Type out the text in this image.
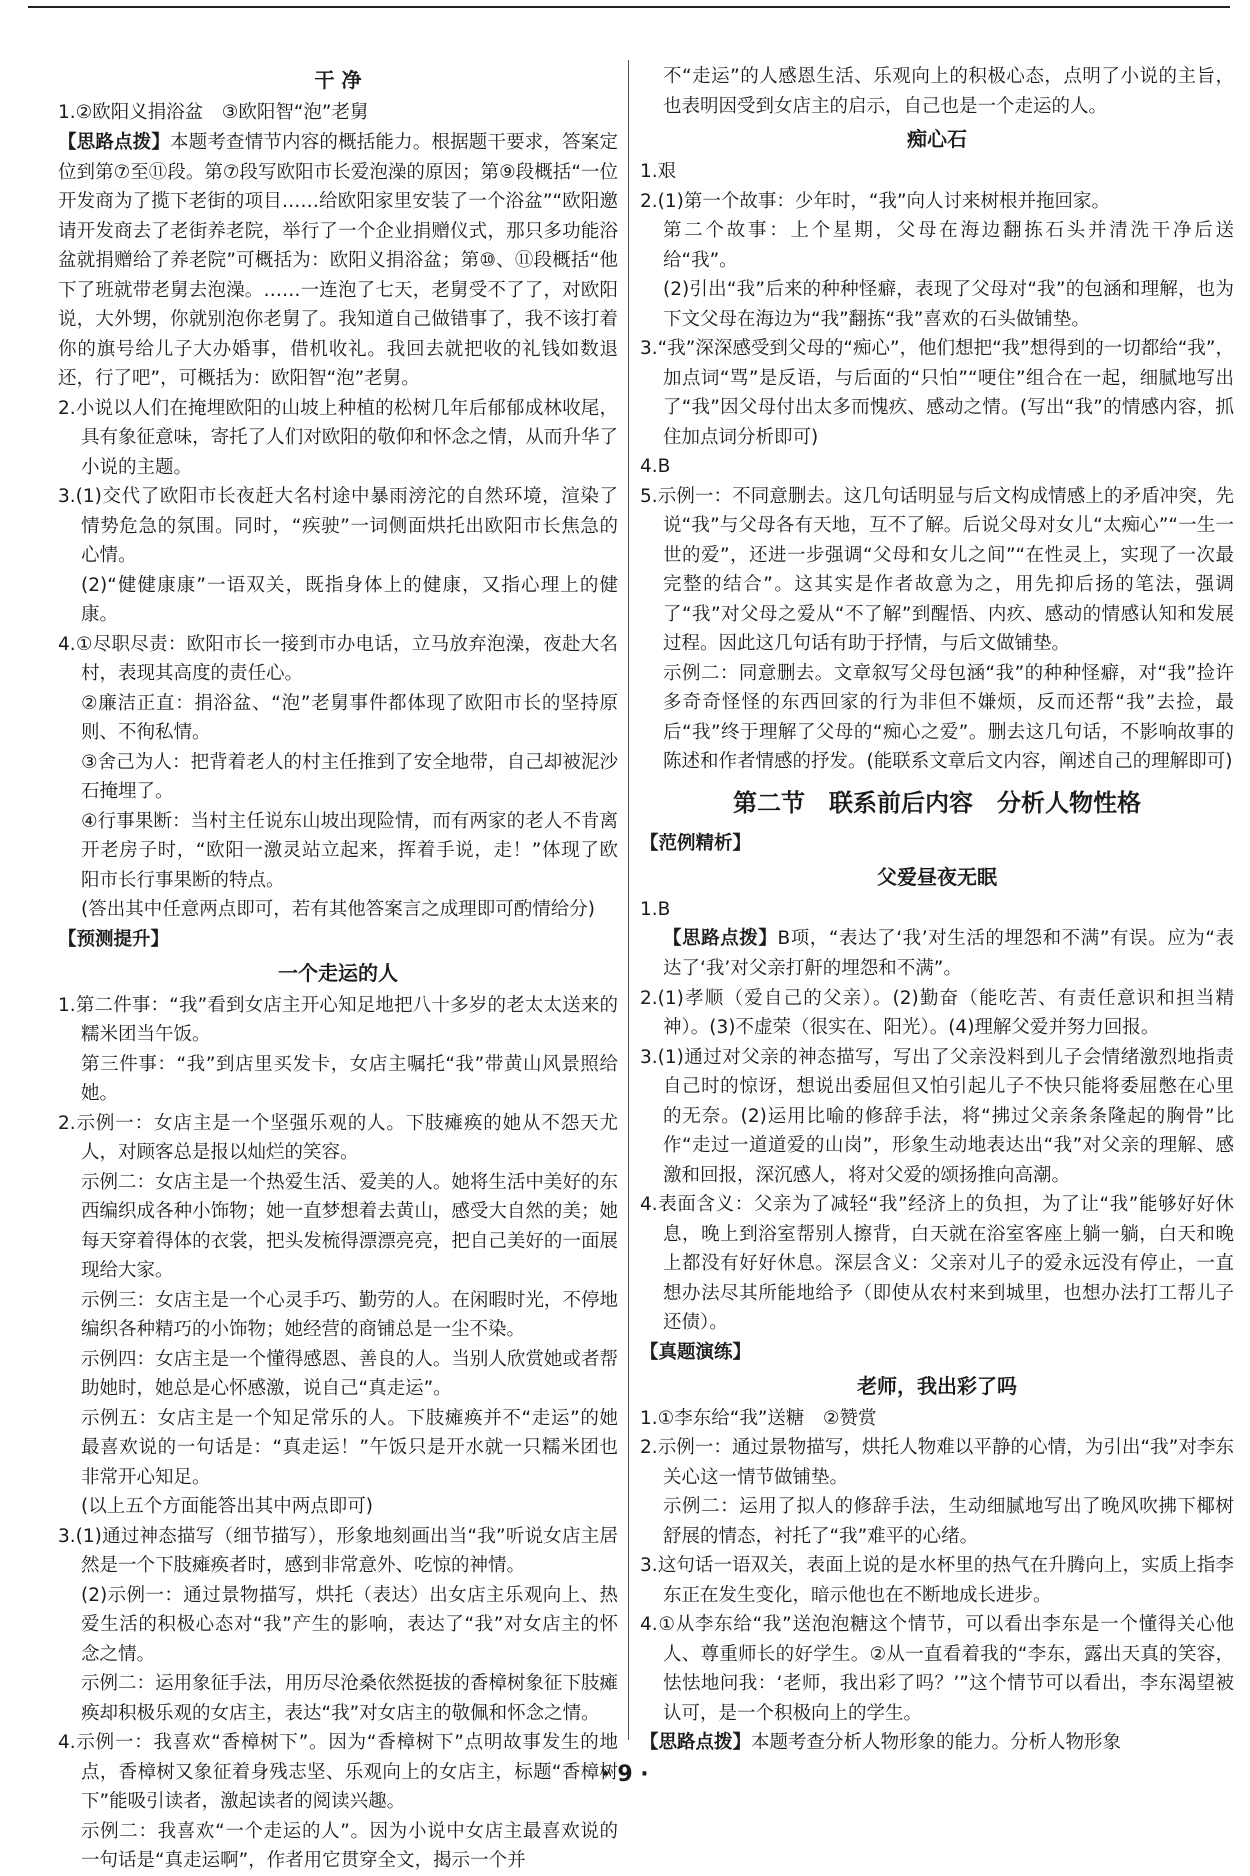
干 净

1.②欧阳义捐浴盆　③欧阳智“泡”老舅

【思路点拨】本题考查情节内容的概括能力。根据题干要求，答案定位到第⑦至⑪段。第⑦段写欧阳市长爱泡澡的原因；第⑨段概括“一位开发商为了揽下老街的项目……给欧阳家里安装了一个浴盆”“欧阳邀请开发商去了老街养老院，举行了一个企业捐赠仪式，那只多功能浴盆就捐赠给了养老院”可概括为：欧阳义捐浴盆；第⑩、⑪段概括“他下了班就带老舅去泡澡。……一连泡了七天，老舅受不了了，对欧阳说，大外甥，你就别泡你老舅了。我知道自己做错事了，我不该打着你的旗号给儿子大办婚事，借机收礼。我回去就把收的礼钱如数退还，行了吧”，可概括为：欧阳智“泡”老舅。

2.小说以人们在掩埋欧阳的山坡上种植的松树几年后郁郁成林收尾，具有象征意味，寄托了人们对欧阳的敬仰和怀念之情，从而升华了小说的主题。

3.(1)交代了欧阳市长夜赶大名村途中暴雨滂沱的自然环境，渲染了情势危急的氛围。同时，“疾驶”一词侧面烘托出欧阳市长焦急的心情。

(2)“健健康康”一语双关，既指身体上的健康，又指心理上的健康。

4.①尽职尽责：欧阳市长一接到市办电话，立马放弃泡澡，夜赴大名村，表现其高度的责任心。

②廉洁正直：捐浴盆、“泡”老舅事件都体现了欧阳市长的坚持原则、不徇私情。

③舍己为人：把背着老人的村主任推到了安全地带，自己却被泥沙石掩埋了。

④行事果断：当村主任说东山坡出现险情，而有两家的老人不肯离开老房子时，“欧阳一激灵站立起来，挥着手说，走！”体现了欧阳市长行事果断的特点。

(答出其中任意两点即可，若有其他答案言之成理即可酌情给分)

【预测提升】
一个走运的人

1.第二件事：“我”看到女店主开心知足地把八十多岁的老太太送来的糯米团当午饭。

第三件事：“我”到店里买发卡，女店主嘱托“我”带黄山风景照给她。

2.示例一：女店主是一个坚强乐观的人。下肢瘫痪的她从不怨天尤人，对顾客总是报以灿烂的笑容。

示例二：女店主是一个热爱生活、爱美的人。她将生活中美好的东西编织成各种小饰物；她一直梦想着去黄山，感受大自然的美；她每天穿着得体的衣裳，把头发梳得漂漂亮亮，把自己美好的一面展现给大家。

示例三：女店主是一个心灵手巧、勤劳的人。在闲暇时光，不停地编织各种精巧的小饰物；她经营的商铺总是一尘不染。

示例四：女店主是一个懂得感恩、善良的人。当别人欣赏她或者帮助她时，她总是心怀感激，说自己“真走运”。

示例五：女店主是一个知足常乐的人。下肢瘫痪并不“走运”的她最喜欢说的一句话是：“真走运！”午饭只是开水就一只糯米团也非常开心知足。

(以上五个方面能答出其中两点即可)

3.(1)通过神态描写（细节描写），形象地刻画出当“我”听说女店主居然是一个下肢瘫痪者时，感到非常意外、吃惊的神情。

(2)示例一：通过景物描写，烘托（表达）出女店主乐观向上、热爱生活的积极心态对“我”产生的影响，表达了“我”对女店主的怀念之情。

示例二：运用象征手法，用历尽沧桑依然挺拔的香樟树象征下肢瘫痪却积极乐观的女店主，表达“我”对女店主的敬佩和怀念之情。

4.示例一：我喜欢“香樟树下”。因为“香樟树下”点明故事发生的地点，香樟树又象征着身残志坚、乐观向上的女店主，标题“香樟树下”能吸引读者，激起读者的阅读兴趣。

示例二：我喜欢“一个走运的人”。因为小说中女店主最喜欢说的一句话是“真走运啊”，作者用它贯穿全文，揭示一个并

不“走运”的人感恩生活、乐观向上的积极心态，点明了小说的主旨，也表明因受到女店主的启示，自己也是一个走运的人。

痴心石

1.艰

2.(1)第一个故事：少年时，“我”向人讨来树根并拖回家。

第二个故事：上个星期，父母在海边翻拣石头并清洗干净后送给“我”。

(2)引出“我”后来的种种怪癖，表现了父母对“我”的包涵和理解，也为下文父母在海边为“我”翻拣“我”喜欢的石头做铺垫。

3.“我”深深感受到父母的“痴心”，他们想把“我”想得到的一切都给“我”，加点词“骂”是反语，与后面的“只怕”“哽住”组合在一起，细腻地写出了“我”因父母付出太多而愧疚、感动之情。(写出“我”的情感内容，抓住加点词分析即可)

4.B

5.示例一：不同意删去。这几句话明显与后文构成情感上的矛盾冲突，先说“我”与父母各有天地，互不了解。后说父母对女儿“太痴心”“一生一世的爱”，还进一步强调“父母和女儿之间”“在性灵上，实现了一次最完整的结合”。这其实是作者故意为之，用先抑后扬的笔法，强调了“我”对父母之爱从“不了解”到醒悟、内疚、感动的情感认知和发展过程。因此这几句话有助于抒情，与后文做铺垫。

示例二：同意删去。文章叙写父母包涵“我”的种种怪癖，对“我”捡许多奇奇怪怪的东西回家的行为非但不嫌烦，反而还帮“我”去捡，最后“我”终于理解了父母的“痴心之爱”。删去这几句话，不影响故事的陈述和作者情感的抒发。(能联系文章后文内容，阐述自己的理解即可)

第二节　联系前后内容　分析人物性格
【范例精析】
父爱昼夜无眠

1.B

【思路点拨】B项，“表达了‘我’对生活的埋怨和不满”有误。应为“表达了‘我’对父亲打鼾的埋怨和不满”。

2.(1)孝顺（爱自己的父亲）。(2)勤奋（能吃苦、有责任意识和担当精神）。(3)不虚荣（很实在、阳光）。(4)理解父爱并努力回报。

3.(1)通过对父亲的神态描写，写出了父亲没料到儿子会情绪激烈地指责自己时的惊讶，想说出委屈但又怕引起儿子不快只能将委屈憋在心里的无奈。(2)运用比喻的修辞手法，将“拂过父亲条条隆起的胸骨”比作“走过一道道爱的山岗”，形象生动地表达出“我”对父亲的理解、感激和回报，深沉感人，将对父爱的颂扬推向高潮。

4.表面含义：父亲为了减轻“我”经济上的负担，为了让“我”能够好好休息，晚上到浴室帮别人擦背，白天就在浴室客座上躺一躺，白天和晚上都没有好好休息。深层含义：父亲对儿子的爱永远没有停止，一直想办法尽其所能地给予（即使从农村来到城里，也想办法打工帮儿子还债）。

【真题演练】
老师，我出彩了吗

1.①李东给“我”送糖　②赞赏

2.示例一：通过景物描写，烘托人物难以平静的心情，为引出“我”对李东关心这一情节做铺垫。

示例二：运用了拟人的修辞手法，生动细腻地写出了晚风吹拂下椰树舒展的情态，衬托了“我”难平的心绪。

3.这句话一语双关，表面上说的是水杯里的热气在升腾向上，实质上指李东正在发生变化，暗示他也在不断地成长进步。

4.①从李东给“我”送泡泡糖这个情节，可以看出李东是一个懂得关心他人、尊重师长的好学生。②从一直看着我的“李东，露出天真的笑容，怯怯地问我：‘老师，我出彩了吗？’”这个情节可以看出，李东渴望被认可，是一个积极向上的学生。

【思路点拨】本题考查分析人物形象的能力。分析人物形象

· 9 ·
